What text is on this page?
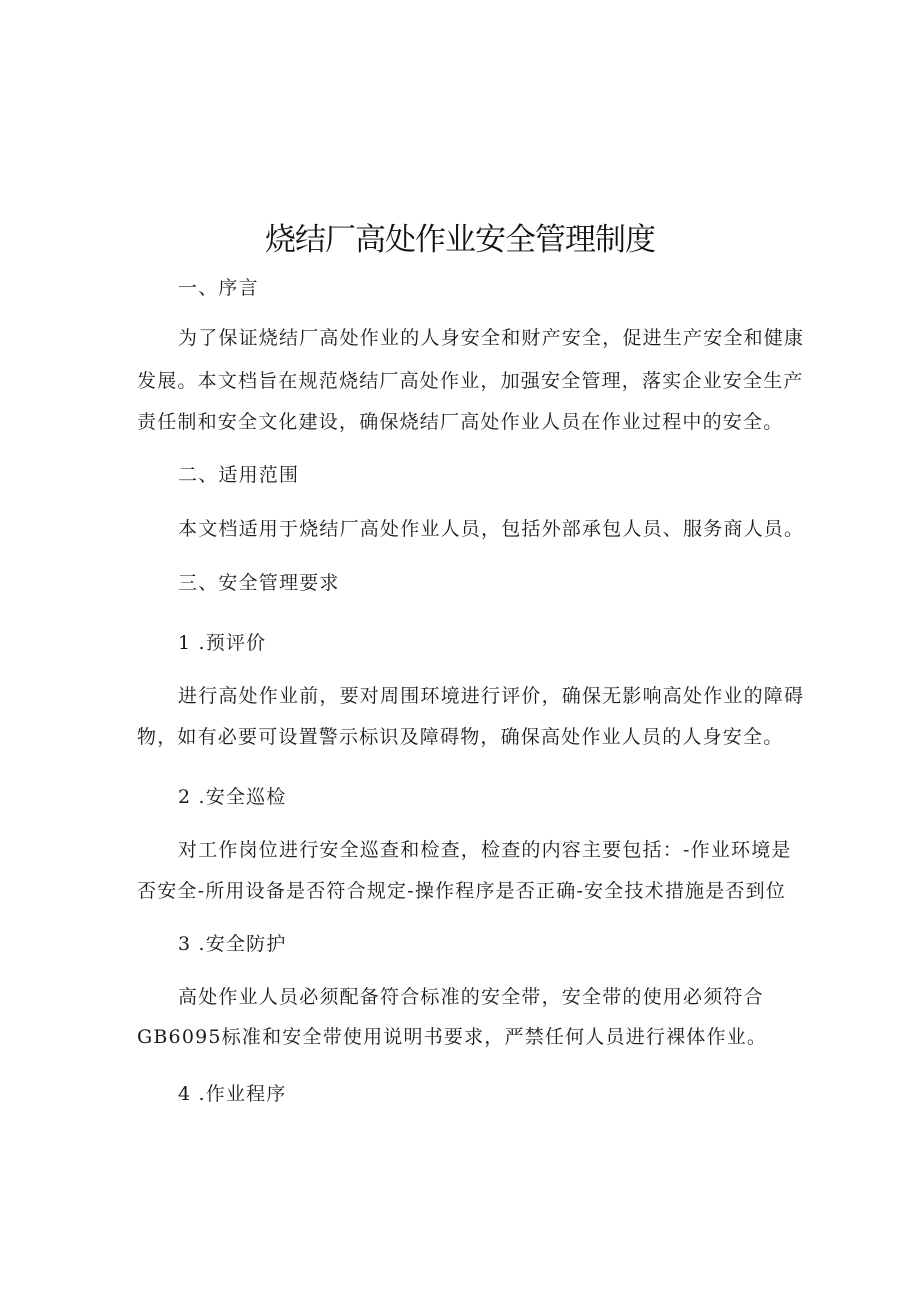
烧结厂高处作业安全管理制度

一、序言

为了保证烧结厂高处作业的人身安全和财产安全，促进生产安全和健康

发展。本文档旨在规范烧结厂高处作业，加强安全管理，落实企业安全生产

责任制和安全文化建设，确保烧结厂高处作业人员在作业过程中的安全。

二、适用范围

本文档适用于烧结厂高处作业人员，包括外部承包人员、服务商人员。

三、安全管理要求

1 .预评价

进行高处作业前，要对周围环境进行评价，确保无影响高处作业的障碍

物，如有必要可设置警示标识及障碍物，确保高处作业人员的人身安全。

2 .安全巡检

对工作岗位进行安全巡查和检查，检查的内容主要包括：-作业环境是

否安全-所用设备是否符合规定-操作程序是否正确-安全技术措施是否到位

3 .安全防护

高处作业人员必须配备符合标准的安全带，安全带的使用必须符合

GB6095标准和安全带使用说明书要求，严禁任何人员进行裸体作业。

4 .作业程序
